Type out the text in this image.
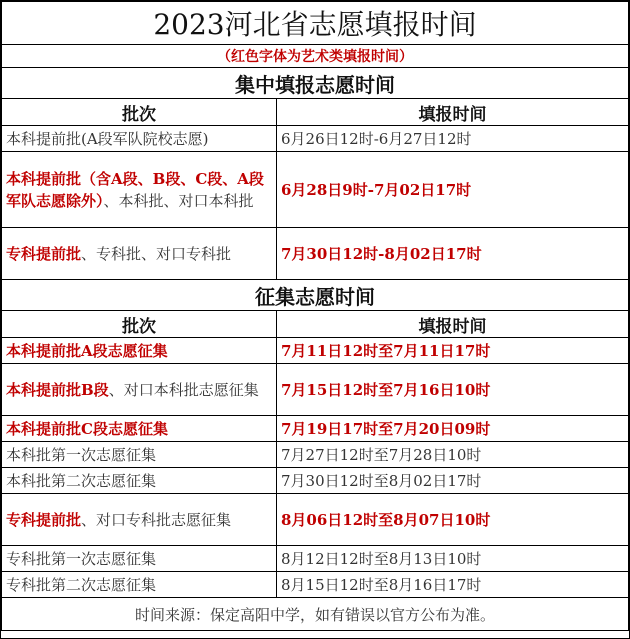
2023河北省志愿填报时间	
（红色字体为艺术类填报时间）	
集中填报志愿时间	
批次	填报时间
本科提前批(A段军队院校志愿)	6月26日12时-6月27日12时
本科提前批（含A段、B段、C段、A段军队志愿除外）、本科批、对口本科批	6月28日9时-7月02日17时
专科提前批、专科批、对口专科批	7月30日12时-8月02日17时
征集志愿时间	
批次	填报时间
本科提前批A段志愿征集	7月11日12时至7月11日17时
本科提前批B段、对口本科批志愿征集	7月15日12时至7月16日10时
本科提前批C段志愿征集	7月19日17时至7月20日09时
本科批第一次志愿征集	7月27日12时至7月28日10时
本科批第二次志愿征集	7月30日12时至8月02日17时
专科提前批、对口专科批志愿征集	8月06日12时至8月07日10时
专科批第一次志愿征集	8月12日12时至8月13日10时
专科批第二次志愿征集	8月15日12时至8月16日17时
时间来源：保定高阳中学，如有错误以官方公布为准。	
